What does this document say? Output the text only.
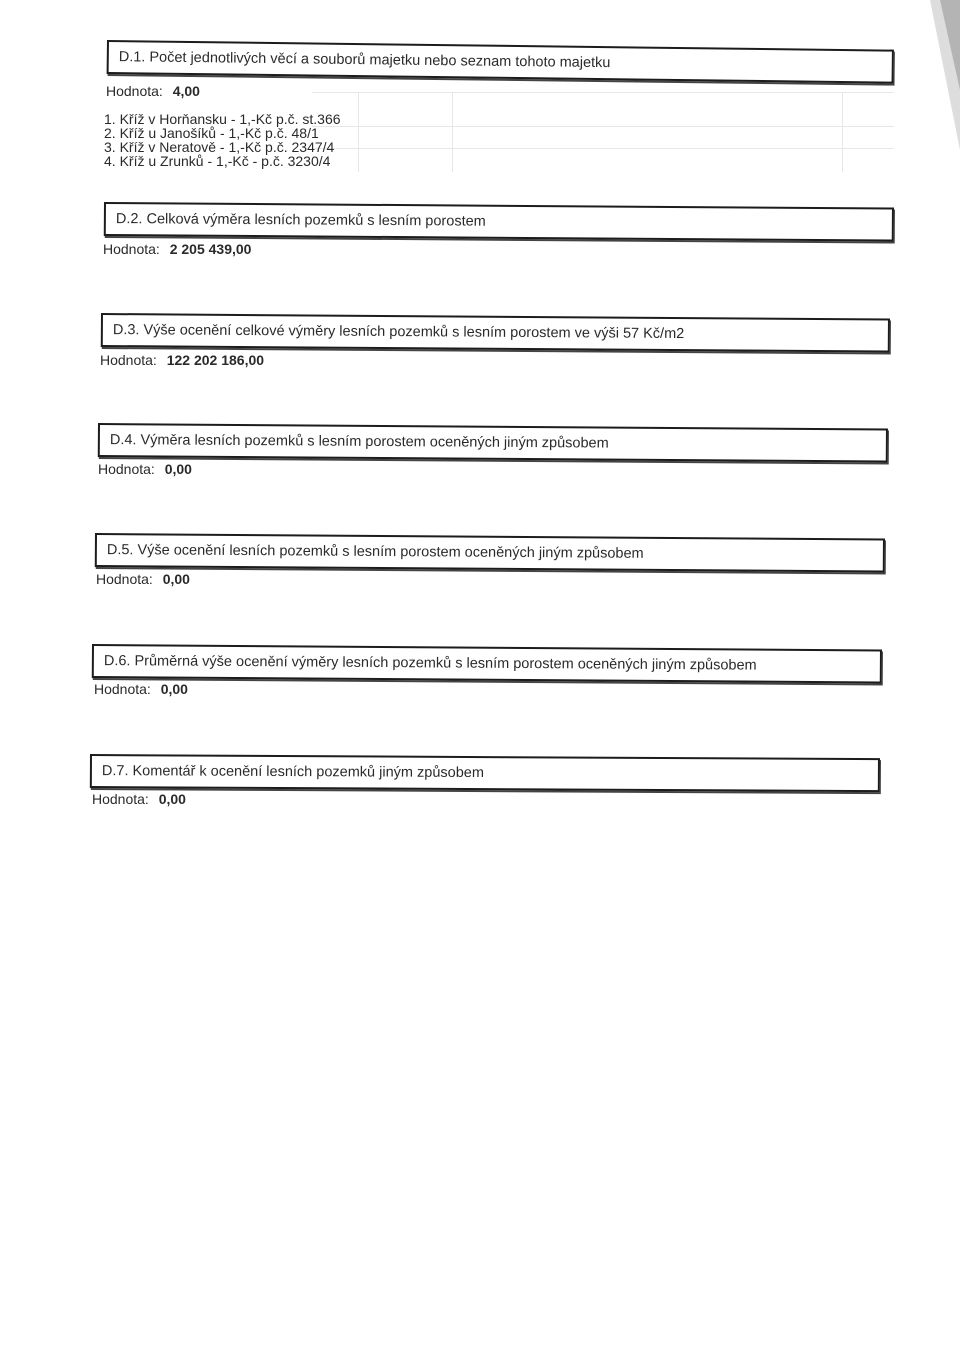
D.1. Počet jednotlivých věcí a souborů majetku nebo seznam tohoto majetku
Hodnota: 4,00
1. Kříž v Horňansku - 1,-Kč p.č. st.366
2. Kříž u Janošíků - 1,-Kč p.č. 48/1
3. Kříž v Neratově - 1,-Kč p.č. 2347/4
4. Kříž u Zrunků - 1,-Kč - p.č. 3230/4
D.2. Celková výměra lesních pozemků s lesním porostem
Hodnota: 2 205 439,00
D.3. Výše ocenění celkové výměry lesních pozemků s lesním porostem ve výši 57 Kč/m2
Hodnota: 122 202 186,00
D.4. Výměra lesních pozemků s lesním porostem oceněných jiným způsobem
Hodnota: 0,00
D.5. Výše ocenění lesních pozemků s lesním porostem oceněných jiným způsobem
Hodnota: 0,00
D.6. Průměrná výše ocenění výměry lesních pozemků s lesním porostem oceněných jiným způsobem
Hodnota: 0,00
D.7. Komentář k ocenění lesních pozemků jiným způsobem
Hodnota: 0,00
